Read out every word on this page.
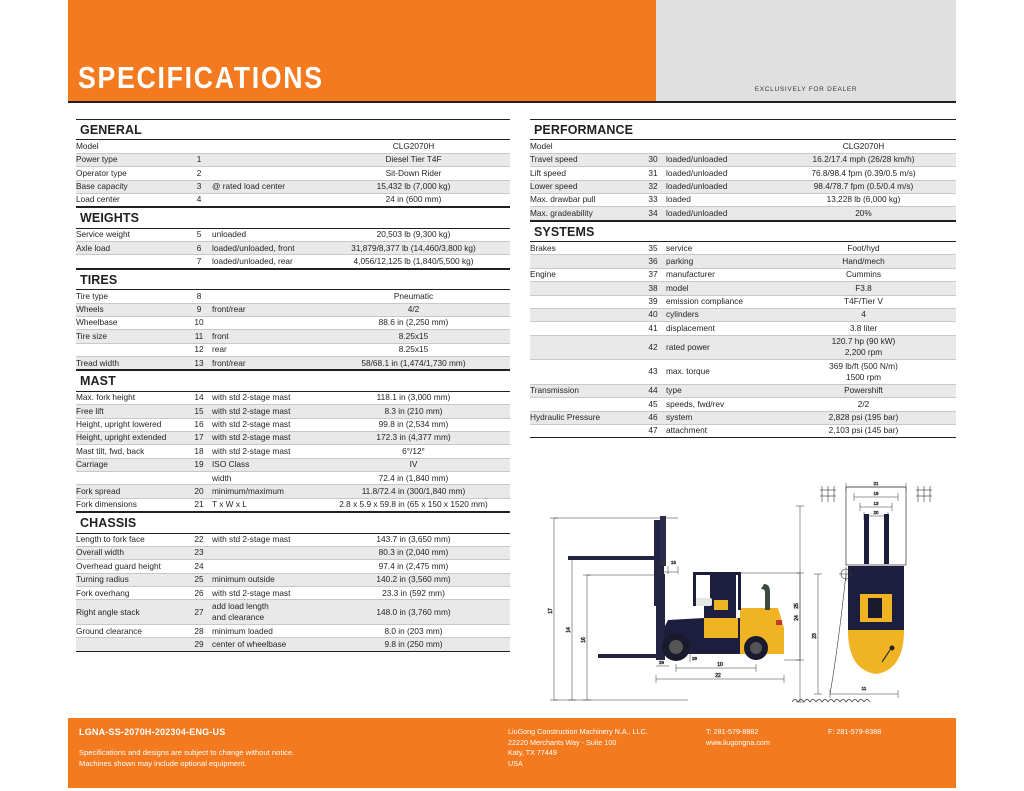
SPECIFICATIONS	EXCLUSIVELY FOR DEALER
GENERAL
Model			CLG2070H
Power type	1		Diesel Tier T4F
Operator type	2		Sit-Down Rider
Base capacity	3	@ rated load center	15,432 lb (7,000 kg)
Load center	4		24 in (600 mm)
WEIGHTS
Service weight	5	unloaded	20,503 lb (9,300 kg)
Axle load	6	loaded/unloaded, front	31,879/8,377 lb (14,460/3,800 kg)
	7	loaded/unloaded, rear	4,056/12,125 lb (1,840/5,500 kg)
TIRES
Tire type	8		Pneumatic
Wheels	9	front/rear	4/2
Wheelbase	10		88.6 in (2,250 mm)
Tire size	11	front	8.25x15
	12	rear	8.25x15
Tread width	13	front/rear	58/68.1 in (1,474/1,730 mm)
MAST
Max. fork height	14	with std 2-stage mast	118.1 in (3,000 mm)
Free lift	15	with std 2-stage mast	8.3 in (210 mm)
Height, upright lowered	16	with std 2-stage mast	99.8 in (2,534 mm)
Height, upright extended	17	with std 2-stage mast	172.3 in (4,377 mm)
Mast tilt, fwd, back	18	with std 2-stage mast	6°/12°
Carriage	19	ISO Class	IV
		width	72.4 in (1,840 mm)
Fork spread	20	minimum/maximum	11.8/72.4 in (300/1,840 mm)
Fork dimensions	21	T x W x L	2.8 x 5.9 x 59.8 in (65 x 150 x 1520 mm)
CHASSIS
Length to fork face	22	with std 2-stage mast	143.7 in (3,650 mm)
Overall width	23		80.3 in (2,040 mm)
Overhead guard height	24		97.4 in (2,475 mm)
Turning radius	25	minimum outside	140.2 in (3,560 mm)
Fork overhang	26	with std 2-stage mast	23.3 in (592 mm)
Right angle stack	27	add load length
and clearance	148.0 in (3,760 mm)
Ground clearance	28	minimum loaded	8.0 in (203 mm)
	29	center of wheelbase	9.8 in (250 mm)
PERFORMANCE
Model			CLG2070H
Travel speed	30	loaded/unloaded	16.2/17.4 mph (26/28 km/h)
Lift speed	31	loaded/unloaded	76.8/98.4 fpm (0.39/0.5 m/s)
Lower speed	32	loaded/unloaded	98.4/78.7 fpm (0.5/0.4 m/s)
Max. drawbar pull	33	loaded	13,228 lb (6,000 kg)
Max. gradeability	34	loaded/unloaded	20%
SYSTEMS
Brakes	35	service	Foot/hyd
	36	parking	Hand/mech
Engine	37	manufacturer	Cummins
	38	model	F3.8
	39	emission compliance	T4F/Tier V
	40	cylinders	4
	41	displacement	3.8 liter
	42	rated power	120.7 hp (90 kW)
2,200 rpm

	43	max. torque	369 lb/ft (500 N/m)
1500 rpm

Transmission	44	type	Powershift
	45	speeds, fwd/rev	2/2
Hydraulic Pressure	46	system	2,828 psi (195 bar)
	47	attachment	2,103 psi (145 bar)
17
14
16
18 15
24
26
29
10
22
21
19
13
20
25
23
11
LGNA-SS-2070H-202304-ENG-US
Specifications and designs are subject to change without notice.
Machines shown may include optional equipment.
LiuGong Construction Machinery N.A., LLC.
22220 Merchants Way - Suite 100
Katy, TX 77449
USA
T: 281-579-8882
www.liugongna.com
F: 281-579-8388
